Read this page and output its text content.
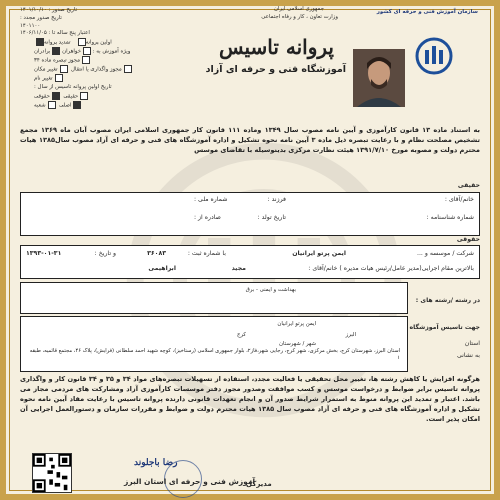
تاریخ صدور : ۱۴۰۱/۱۰/۱۰
تاریخ صدور مجدد :
۱۴۰۱۱۰۰
اعتبار پنج ساله تا : ۱۴۰۶/۱۱/۰۵
اولین پروانه   تمدید پروانه
ویژه آموزش به : خواهران برادران
مجوز تبصره ماده ۳۴
مجوز واگذاری یا انتقال  تغییر مکان
تغییر نام
تاریخ اولین پروانه تاسیس از سال :
حقیقی  حقوقی
اصلی  شعبه
جمهوری اسلامی ایران
وزارت تعاون ، کار و رفاه اجتماعی
سازمان آموزش فنی و حرفه ای کشور
پروانه تاسیس
آموزشگاه فنی و حرفه ای آزاد
به استناد ماده ۱۳ قانون کارآموزی و آیین نامه مصوب سال ۱۳۴۹ وماده ۱۱۱ قانون کار جمهوری اسلامی ایران مصوب آبان ماه ۱۳۶۹ مجمع تشخیص مصلحت نظام و با رعایت تبصره ذیل ماده ۳ آیین نامه نحوه تشکیل و اداره آموزشگاه های فنی و حرفه ای آزاد مصوب سال۱۳۸۵ هیات محترم دولت و مصوبه مورخ ۱۳۹۱/۷/۱۰ هیئت نظارت مرکزی بدینوسیله با تقاضای موسس
حقیقی
خانم/آقای :
فرزند :
شماره ملی :
شماره شناسنامه :
تاریخ تولد :
صادره از :
حقوقی
شرکت / موسسه و ...
ایمن پرتو ایرانیان
با شماره ثبت :
۳۶۰۸۳
و تاریخ :
۱۳۹۳-۰۱-۳۱
بالاترین مقام اجرایی(مدیر عامل/رئیس هیات مدیره ) خانم/آقای :
مجید
ابراهیمی
در رشته /رشته های :
بهداشت و ایمنی - برق
جهت تاسیس آموزشگاه
ایمن پرتو ایرانیان
استان
البرز
شهر / شهرستان
کرج
به نشانی
استان البرز، شهرستان کرج، بخش مرکزی، شهر کرج، رجایی شهر،فاز۲، بلوار جمهوری اسلامی (رستاخیز)، کوچه شهید احمد سلطانی (فرایش)، پلاک ۴۶، مجتمع قائمیه، طبقه ۱
هرگونه افزایش یا کاهش رشته ها، تغییر محل تحقیقی یا فعالیت مجدد، استفاده از تسهیلات تبصره‌های مواد ۳۴ و ۳۵ و ۳۴ قانون کار و واگذاری پروانه تاسیس برابر ضوابط و درخواست موسس و کسب موافقت وصدور مجوز دفتر موسسات کارآموزی آزاد ومشارکت های مردمی مجاز می باشد. اعتبار و تمدید این پروانه منوط به استمرار شرایط صدور آن و انجام تعهدات قانونی دارنده پروانه تاسیس با رعایت مفاد آیین نامه نحوه تشکیل و اداره آموزشگاه های فنی و حرفه ای آزاد مصوب سال ۱۳۸۵ هیات محترم دولت و ضوابط و مقررات سازمان و دستورالعمل اجرایی آن امکان پذیر است.
رضا باجلوند
آموزش فنی و حرفه ای استان البرز
مدیرکل
